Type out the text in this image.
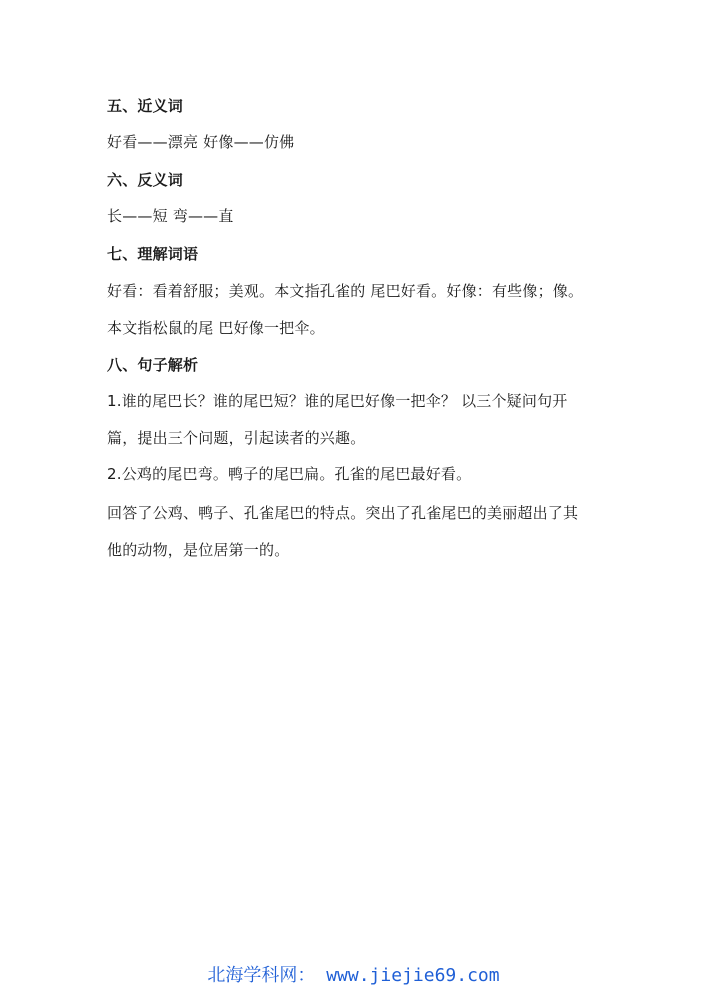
五、近义词
好看——漂亮 好像——仿佛
六、反义词
长——短 弯——直
七、理解词语
好看：看着舒服；美观。本文指孔雀的 尾巴好看。好像：有些像；像。
本文指松鼠的尾 巴好像一把伞。
八、句子解析
1.谁的尾巴长？谁的尾巴短？谁的尾巴好像一把伞？ 以三个疑问句开
篇，提出三个问题，引起读者的兴趣。
2.公鸡的尾巴弯。鸭子的尾巴扁。孔雀的尾巴最好看。
回答了公鸡、鸭子、孔雀尾巴的特点。突出了孔雀尾巴的美丽超出了其
他的动物，是位居第一的。
北海学科网： www.jiejie69.com
